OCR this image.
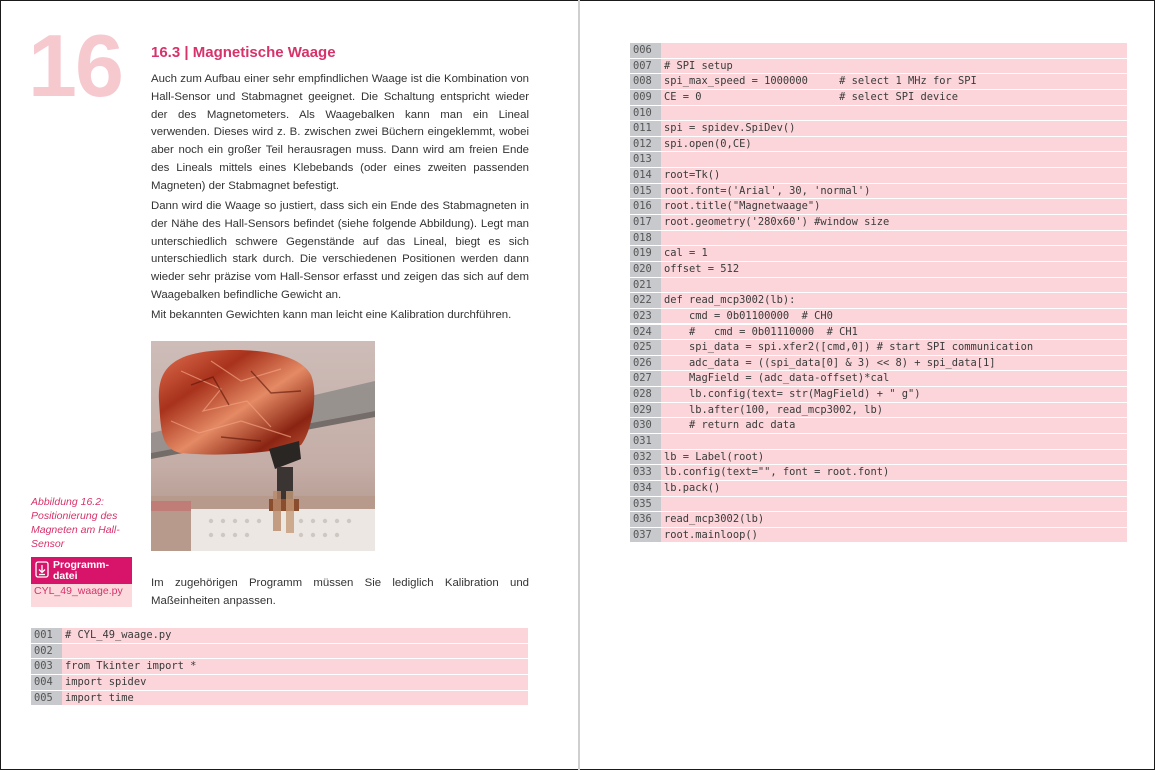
16 16.3 | Magnetische Waage

Auch zum Aufbau einer sehr empfindlichen Waage ist die Kombination von Hall-Sensor und Stabmagnet geeignet. Die Schaltung entspricht wieder der des Magnetometers. Als Waagebalken kann man ein Lineal verwenden. Dieses wird z. B. zwischen zwei Büchern eingeklemmt, wobei aber noch ein großer Teil herausragen muss. Dann wird am freien Ende des Lineals mittels eines Klebebands (oder eines zweiten passenden Magneten) der Stabmagnet befestigt.

Dann wird die Waage so justiert, dass sich ein Ende des Stabmagneten in der Nähe des Hall-Sensors befindet (siehe folgende Abbildung). Legt man unterschiedlich schwere Gegenstände auf das Lineal, biegt es sich unterschiedlich stark durch. Die verschiedenen Positionen werden dann wieder sehr präzise vom Hall-Sensor erfasst und zeigen das sich auf dem Waagebalken befindliche Gewicht an.

Mit bekannten Gewichten kann man leicht eine Kalibration durchführen.

Abbildung 16.2: Positionierung des Magneten am Hall-Sensor
Programm-
datei
CYL_49_waage.py

Im zugehörigen Programm müssen Sie lediglich Kalibration und Maßeinheiten anpassen.

001	# CYL_49_waage.py
002
003	from Tkinter import *
004	import spidev
005	import time
006
007	# SPI setup
008	spi_max_speed = 1000000     # select 1 MHz for SPI
009	CE = 0                      # select SPI device
010
011	spi = spidev.SpiDev()
012	spi.open(0,CE)
013
014	root=Tk()
015	root.font=('Arial', 30, 'normal')
016	root.title("Magnetwaage")
017	root.geometry('280x60') #window size
018
019	cal = 1
020	offset = 512
021
022	def read_mcp3002(lb):
023	cmd = 0b01100000  # CH0
024	#   cmd = 0b01110000  # CH1
025	spi_data = spi.xfer2([cmd,0]) # start SPI communication
026	adc_data = ((spi_data[0] & 3) << 8) + spi_data[1]
027	MagField = (adc_data-offset)*cal
028	lb.config(text= str(MagField) + " g")
029	lb.after(100, read_mcp3002, lb)
030	# return adc data
031
032	lb = Label(root)
033	lb.config(text="", font = root.font)
034	lb.pack()
035
036	read_mcp3002(lb)
037	root.mainloop()
